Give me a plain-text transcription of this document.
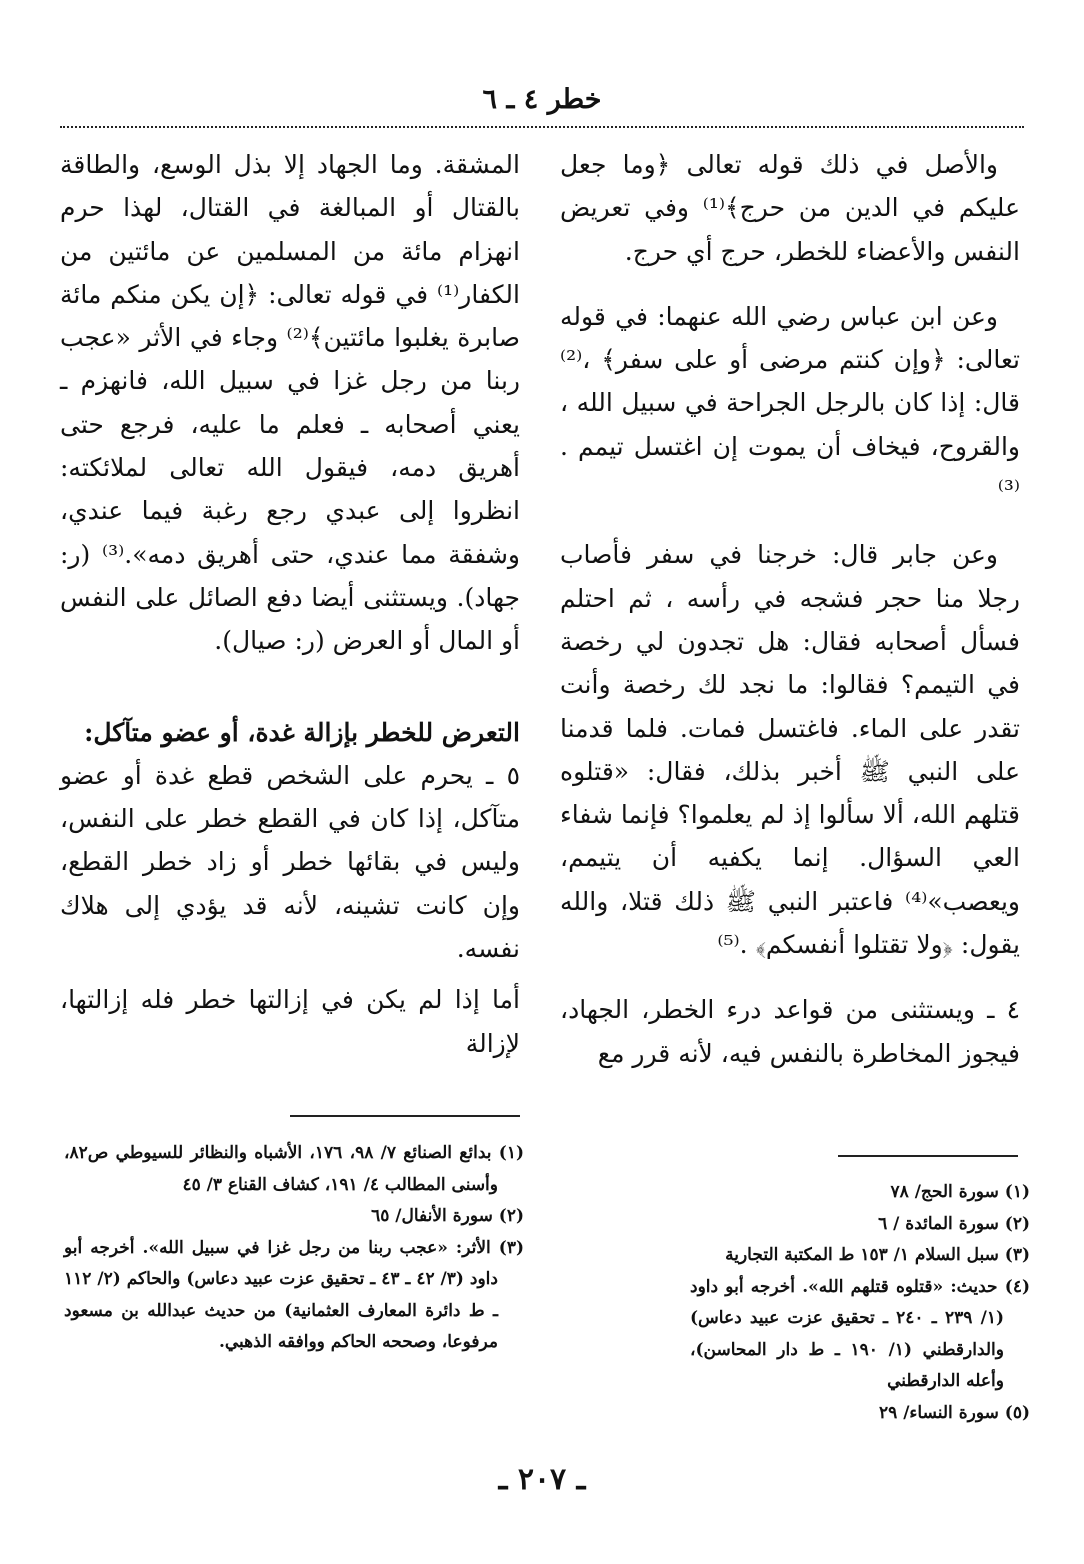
خطر ٤ ـ ٦

والأصل في ذلك قوله تعالى ﴿وما جعل عليكم في الدين من حرج﴾⁽¹⁾ وفي تعريض النفس والأعضاء للخطر، حرج أي حرج.

وعن ابن عباس رضي الله عنهما: في قوله تعالى: ﴿وإن كنتم مرضى أو على سفر﴾ ،⁽²⁾ قال: إذا كان بالرجل الجراحة في سبيل الله ، والقروح، فيخاف أن يموت إن اغتسل تيمم .⁽³⁾

وعن جابر قال: خرجنا في سفر فأصاب رجلا منا حجر فشجه في رأسه ، ثم احتلم فسأل أصحابه فقال: هل تجدون لي رخصة في التيمم؟ فقالوا: ما نجد لك رخصة وأنت تقدر على الماء. فاغتسل فمات. فلما قدمنا على النبي ﷺ أخبر بذلك، فقال: «قتلوه قتلهم الله، ألا سألوا إذ لم يعلموا؟ فإنما شفاء العي السؤال. إنما يكفيه أن يتيمم، ويعصب»⁽⁴⁾ فاعتبر النبي ﷺ ذلك قتلا، والله يقول: ﴿ولا تقتلوا أنفسكم﴾ .⁽⁵⁾

٤ ـ ويستثنى من قواعد درء الخطر، الجهاد، فيجوز المخاطرة بالنفس فيه، لأنه قرر مع

المشقة. وما الجهاد إلا بذل الوسع، والطاقة بالقتال أو المبالغة في القتال، لهذا حرم انهزام مائة من المسلمين عن مائتين من الكفار⁽¹⁾ في قوله تعالى: ﴿إن يكن منكم مائة صابرة يغلبوا مائتين﴾⁽²⁾ وجاء في الأثر «عجب ربنا من رجل غزا في سبيل الله، فانهزم ـ يعني أصحابه ـ فعلم ما عليه، فرجع حتى أهريق دمه، فيقول الله تعالى لملائكته: انظروا إلى عبدي رجع رغبة فيما عندي، وشفقة مما عندي، حتى أهريق دمه».⁽³⁾ (ر: جهاد). ويستثنى أيضا دفع الصائل على النفس أو المال أو العرض (ر: صيال).

التعرض للخطر بإزالة غدة، أو عضو متآكل:

٥ ـ يحرم على الشخص قطع غدة أو عضو متآكل، إذا كان في القطع خطر على النفس، وليس في بقائها خطر أو زاد خطر القطع، وإن كانت تشينه، لأنه قد يؤدي إلى هلاك نفسه.

أما إذا لم يكن في إزالتها خطر فله إزالتها، لإزالة

(١) سورة الحج/ ٧٨

(٢) سورة المائدة / ٦

(٣) سبل السلام ١/ ١٥٣ ط المكتبة التجارية

(٤) حديث: «قتلوه قتلهم الله». أخرجه أبو داود (١/ ٢٣٩ ـ ٢٤٠ ـ تحقيق عزت عبيد دعاس) والدارقطني (١/ ١٩٠ ـ ط دار المحاسن)، وأعله الدارقطني

(٥) سورة النساء/ ٢٩

(١) بدائع الصنائع ٧/ ٩٨، ١٧٦، الأشباه والنظائر للسيوطي ص٨٢، وأسنى المطالب ٤/ ١٩١، كشاف القناع ٣/ ٤٥

(٢) سورة الأنفال/ ٦٥

(٣) الأثر: «عجب ربنا من رجل غزا في سبيل الله». أخرجه أبو داود (٣/ ٤٢ ـ ٤٣ ـ تحقيق عزت عبيد دعاس) والحاكم (٢/ ١١٢ ـ ط دائرة المعارف العثمانية) من حديث عبدالله بن مسعود مرفوعا، وصححه الحاكم ووافقه الذهبي.

ـ ٢٠٧ ـ
